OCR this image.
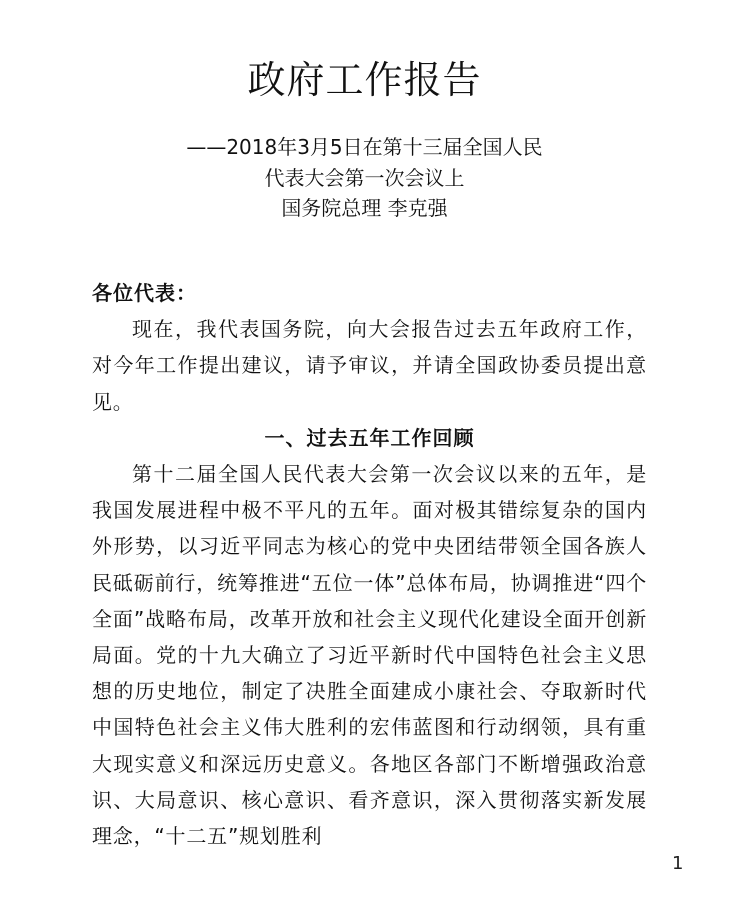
政府工作报告
——2018年3月5日在第十三届全国人民
代表大会第一次会议上
国务院总理 李克强
各位代表：

现在，我代表国务院，向大会报告过去五年政府工作，对今年工作提出建议，请予审议，并请全国政协委员提出意见。

一、过去五年工作回顾

第十二届全国人民代表大会第一次会议以来的五年，是我国发展进程中极不平凡的五年。面对极其错综复杂的国内外形势，以习近平同志为核心的党中央团结带领全国各族人民砥砺前行，统筹推进“五位一体”总体布局，协调推进“四个全面”战略布局，改革开放和社会主义现代化建设全面开创新局面。党的十九大确立了习近平新时代中国特色社会主义思想的历史地位，制定了决胜全面建成小康社会、夺取新时代中国特色社会主义伟大胜利的宏伟蓝图和行动纲领，具有重大现实意义和深远历史意义。各地区各部门不断增强政治意识、大局意识、核心意识、看齐意识，深入贯彻落实新发展理念，“十二五”规划胜利

1
